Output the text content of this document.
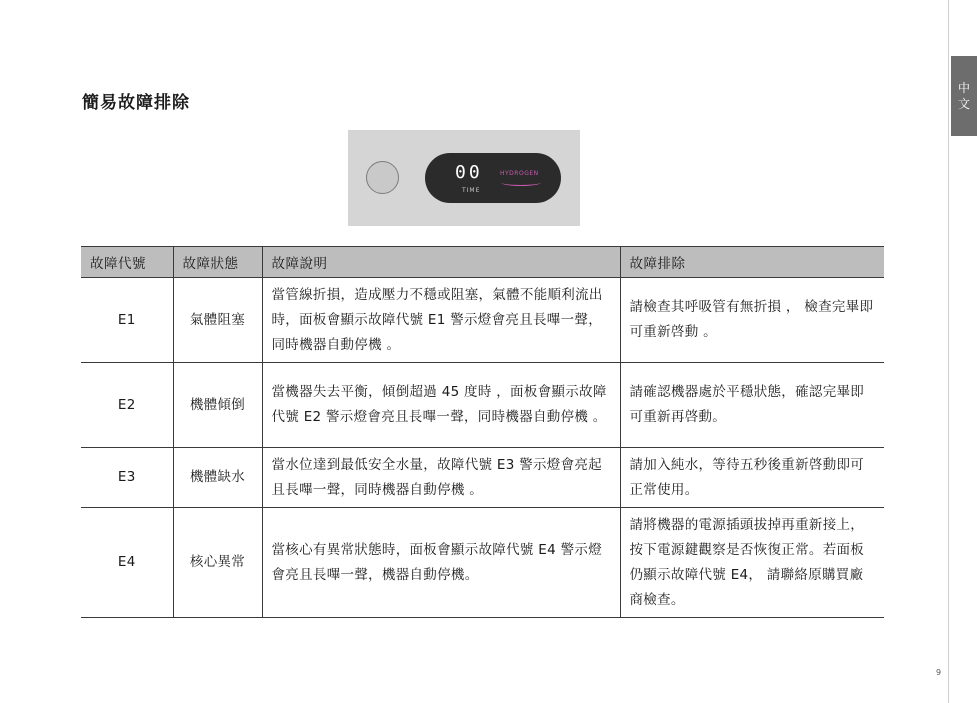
中
文
簡易故障排除
00
TIME
HYDROGEN
故障代號	故障狀態	故障說明	故障排除
E1	氣體阻塞	當管線折損，造成壓力不穩或阻塞，氣體不能順利流出時，面板會顯示故障代號 E1 警示燈會亮且長嗶一聲，同時機器自動停機 。	請檢查其呼吸管有無折損 ， 檢查完畢即可重新啓動 。
E2	機體傾倒	當機器失去平衡，傾倒超過 45 度時 ，面板會顯示故障代號 E2 警示燈會亮且長嗶一聲，同時機器自動停機 。	請確認機器處於平穩狀態，確認完畢即可重新再啓動。
E3	機體缺水	當水位達到最低安全水量，故障代號 E3 警示燈會亮起且長嗶一聲，同時機器自動停機 。	請加入純水，等待五秒後重新啓動即可正常使用。
E4	核心異常	當核心有異常狀態時，面板會顯示故障代號 E4 警示燈會亮且長嗶一聲，機器自動停機。	請將機器的電源插頭拔掉再重新接上，按下電源鍵觀察是否恢復正常。若面板仍顯示故障代號 E4， 請聯絡原購買廠商檢查。
9
